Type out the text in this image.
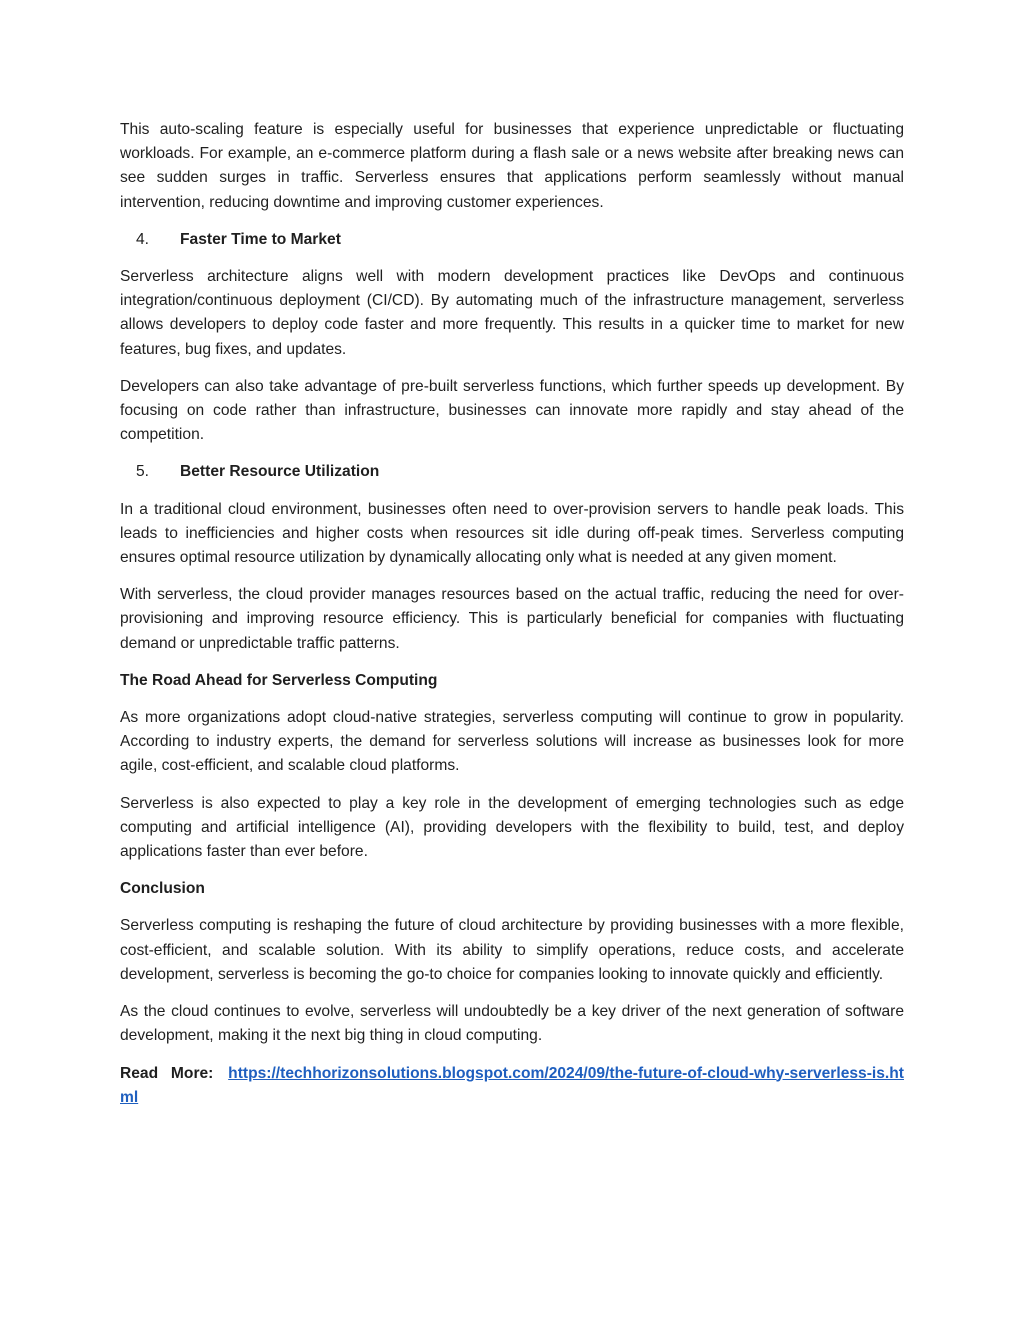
This auto-scaling feature is especially useful for businesses that experience unpredictable or fluctuating workloads. For example, an e-commerce platform during a flash sale or a news website after breaking news can see sudden surges in traffic. Serverless ensures that applications perform seamlessly without manual intervention, reducing downtime and improving customer experiences.

4. Faster Time to Market

Serverless architecture aligns well with modern development practices like DevOps and continuous integration/continuous deployment (CI/CD). By automating much of the infrastructure management, serverless allows developers to deploy code faster and more frequently. This results in a quicker time to market for new features, bug fixes, and updates.

Developers can also take advantage of pre-built serverless functions, which further speeds up development. By focusing on code rather than infrastructure, businesses can innovate more rapidly and stay ahead of the competition.

5. Better Resource Utilization

In a traditional cloud environment, businesses often need to over-provision servers to handle peak loads. This leads to inefficiencies and higher costs when resources sit idle during off-peak times. Serverless computing ensures optimal resource utilization by dynamically allocating only what is needed at any given moment.

With serverless, the cloud provider manages resources based on the actual traffic, reducing the need for over-provisioning and improving resource efficiency. This is particularly beneficial for companies with fluctuating demand or unpredictable traffic patterns.

The Road Ahead for Serverless Computing

As more organizations adopt cloud-native strategies, serverless computing will continue to grow in popularity. According to industry experts, the demand for serverless solutions will increase as businesses look for more agile, cost-efficient, and scalable cloud platforms.

Serverless is also expected to play a key role in the development of emerging technologies such as edge computing and artificial intelligence (AI), providing developers with the flexibility to build, test, and deploy applications faster than ever before.

Conclusion

Serverless computing is reshaping the future of cloud architecture by providing businesses with a more flexible, cost-efficient, and scalable solution. With its ability to simplify operations, reduce costs, and accelerate development, serverless is becoming the go-to choice for companies looking to innovate quickly and efficiently.

As the cloud continues to evolve, serverless will undoubtedly be a key driver of the next generation of software development, making it the next big thing in cloud computing.

Read More: https://techhorizonsolutions.blogspot.com/2024/09/the-future-of-cloud-why-serverless-is.html
